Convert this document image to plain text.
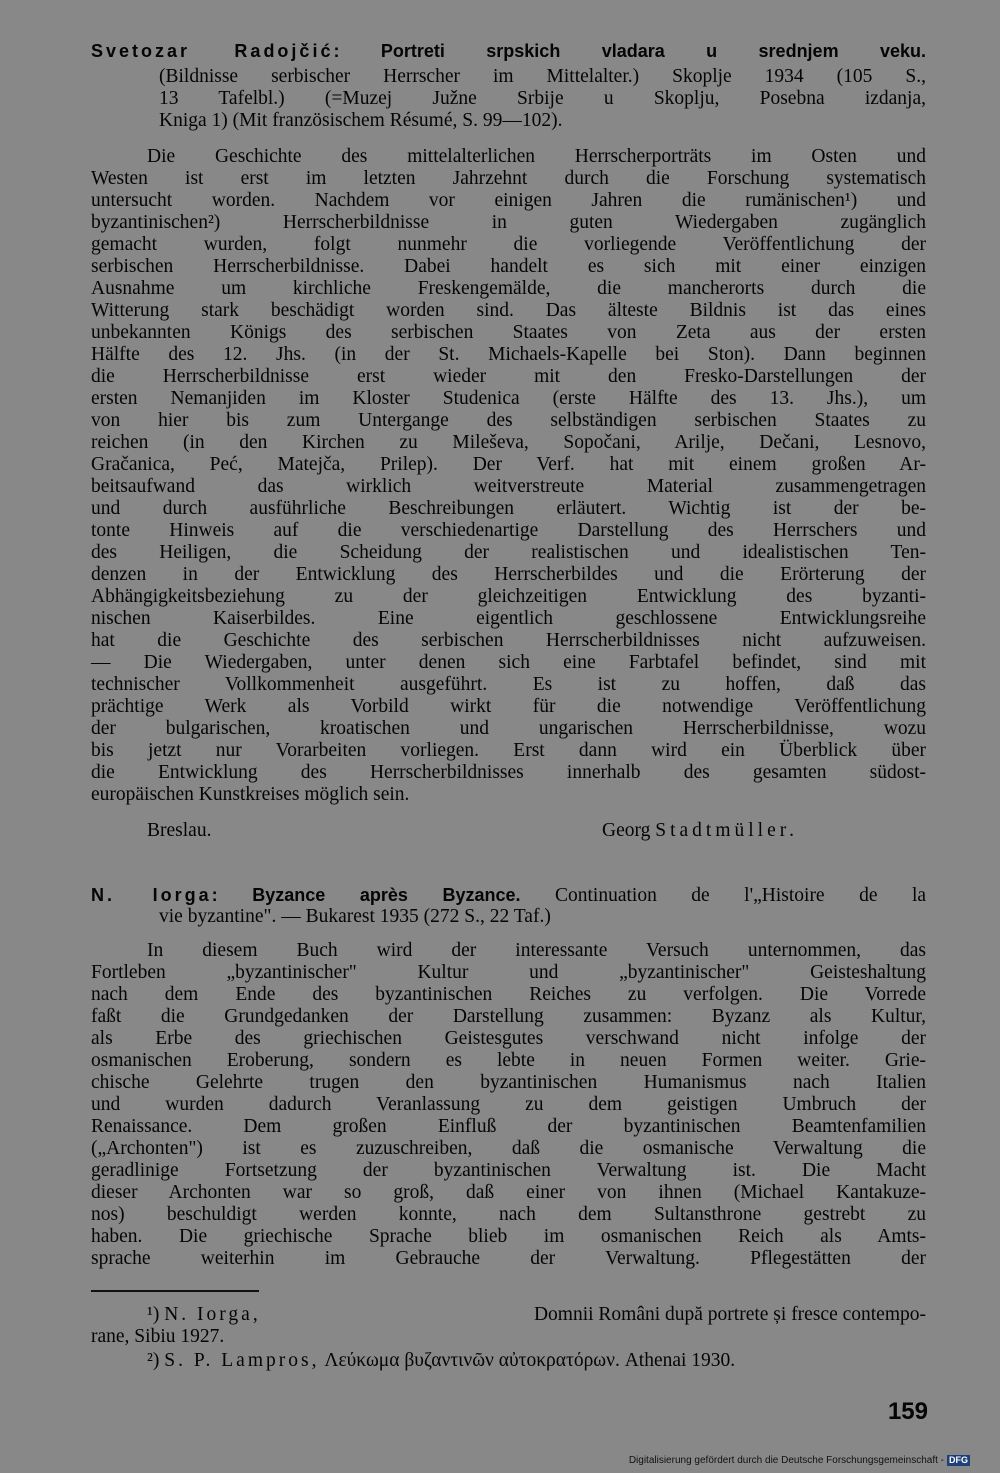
Svetozar Radojčić: Portreti srpskich vladara u srednjem veku.
(Bildnisse serbischer Herrscher im Mittelalter.) Skoplje 1934 (105 S.,
13 Tafelbl.) (=Muzej Južne Srbije u Skoplju, Posebna izdanja,
Kniga 1) (Mit französischem Résumé, S. 99—102).
Die Geschichte des mittelalterlichen Herrscherporträts im Osten und
Westen ist erst im letzten Jahrzehnt durch die Forschung systematisch
untersucht worden. Nachdem vor einigen Jahren die rumänischen¹) und
byzantinischen²) Herrscherbildnisse in guten Wiedergaben zugänglich
gemacht wurden, folgt nunmehr die vorliegende Veröffentlichung der
serbischen Herrscherbildnisse. Dabei handelt es sich mit einer einzigen
Ausnahme um kirchliche Freskengemälde, die mancherorts durch die
Witterung stark beschädigt worden sind. Das älteste Bildnis ist das eines
unbekannten Königs des serbischen Staates von Zeta aus der ersten
Hälfte des 12. Jhs. (in der St. Michaels-Kapelle bei Ston). Dann beginnen
die Herrscherbildnisse erst wieder mit den Fresko-Darstellungen der
ersten Nemanjiden im Kloster Studenica (erste Hälfte des 13. Jhs.), um
von hier bis zum Untergange des selbständigen serbischen Staates zu
reichen (in den Kirchen zu Mileševa, Sopočani, Arilje, Dečani, Lesnovo,
Gračanica, Peć, Matejča, Prilep). Der Verf. hat mit einem großen Ar-
beitsaufwand das wirklich weitverstreute Material zusammengetragen
und durch ausführliche Beschreibungen erläutert. Wichtig ist der be-
tonte Hinweis auf die verschiedenartige Darstellung des Herrschers und
des Heiligen, die Scheidung der realistischen und idealistischen Ten-
denzen in der Entwicklung des Herrscherbildes und die Erörterung der
Abhängigkeitsbeziehung zu der gleichzeitigen Entwicklung des byzanti-
nischen Kaiserbildes. Eine eigentlich geschlossene Entwicklungsreihe
hat die Geschichte des serbischen Herrscherbildnisses nicht aufzuweisen.
— Die Wiedergaben, unter denen sich eine Farbtafel befindet, sind mit
technischer Vollkommenheit ausgeführt. Es ist zu hoffen, daß das
prächtige Werk als Vorbild wirkt für die notwendige Veröffentlichung
der bulgarischen, kroatischen und ungarischen Herrscherbildnisse, wozu
bis jetzt nur Vorarbeiten vorliegen. Erst dann wird ein Überblick über
die Entwicklung des Herrscherbildnisses innerhalb des gesamten südost-
europäischen Kunstkreises möglich sein.
Breslau.	Georg Stadtmüller.
N. Iorga: Byzance après Byzance. Continuation de l'„Histoire de la
vie byzantine". — Bukarest 1935 (272 S., 22 Taf.)
In diesem Buch wird der interessante Versuch unternommen, das
Fortleben „byzantinischer" Kultur und „byzantinischer" Geisteshaltung
nach dem Ende des byzantinischen Reiches zu verfolgen. Die Vorrede
faßt die Grundgedanken der Darstellung zusammen: Byzanz als Kultur,
als Erbe des griechischen Geistesgutes verschwand nicht infolge der
osmanischen Eroberung, sondern es lebte in neuen Formen weiter. Grie-
chische Gelehrte trugen den byzantinischen Humanismus nach Italien
und wurden dadurch Veranlassung zu dem geistigen Umbruch der
Renaissance. Dem großen Einfluß der byzantinischen Beamtenfamilien
(„Archonten") ist es zuzuschreiben, daß die osmanische Verwaltung die
geradlinige Fortsetzung der byzantinischen Verwaltung ist. Die Macht
dieser Archonten war so groß, daß einer von ihnen (Michael Kantakuze-
nos) beschuldigt werden konnte, nach dem Sultansthrone gestrebt zu
haben. Die griechische Sprache blieb im osmanischen Reich als Amts-
sprache weiterhin im Gebrauche der Verwaltung. Pflegestätten der
¹) N. Iorga,	Domnii Români după portrete și fresce contempo-
rane, Sibiu 1927.
²) S. P. Lampros, Λεύκωμα βυζαντινῶν αὐτοκρατόρων. Athenai 1930.
159
Digitalisierung gefördert durch die Deutsche Forschungsgemeinschaft - DFG
